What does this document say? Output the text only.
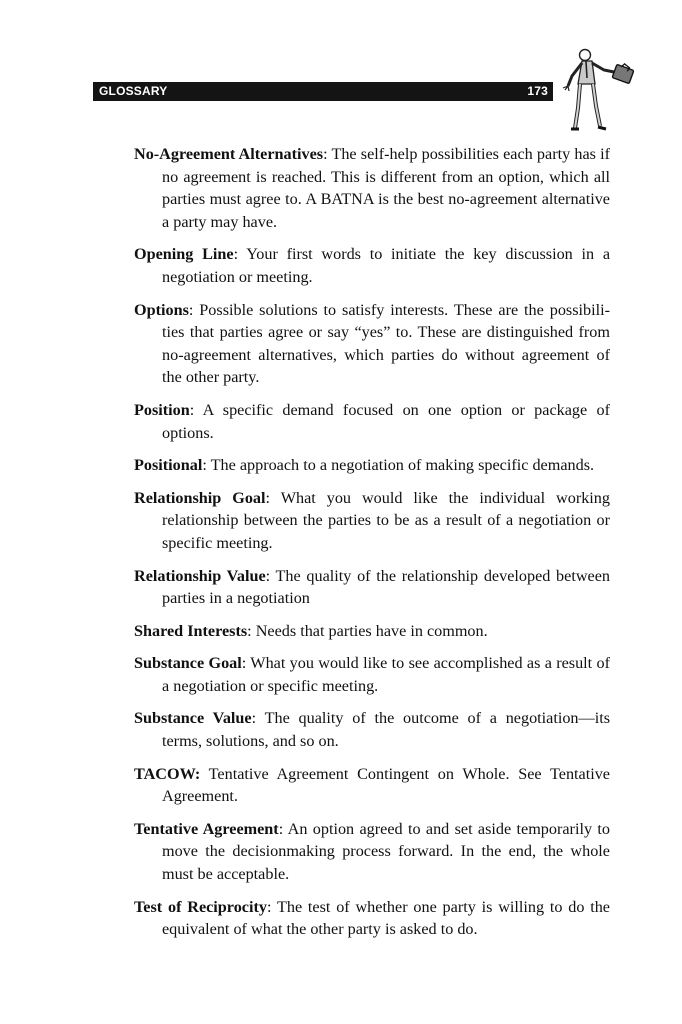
GLOSSARY	173

No-Agreement Alternatives: The self-help possibilities each party has if no agreement is reached. This is different from an option, which all parties must agree to. A BATNA is the best no-agreement alternative a party may have.

Opening Line: Your first words to initiate the key discussion in a negotiation or meeting.

Options: Possible solutions to satisfy interests. These are the possibilities that parties agree or say “yes” to. These are distinguished from no-agreement alternatives, which parties do without agreement of the other party.

Position: A specific demand focused on one option or package of options.

Positional: The approach to a negotiation of making specific demands.

Relationship Goal: What you would like the individual working relationship between the parties to be as a result of a negotiation or specific meeting.

Relationship Value: The quality of the relationship developed between parties in a negotiation

Shared Interests: Needs that parties have in common.

Substance Goal: What you would like to see accomplished as a result of a negotiation or specific meeting.

Substance Value: The quality of the outcome of a negotiation—its terms, solutions, and so on.

TACOW: Tentative Agreement Contingent on Whole. See Tentative Agreement.

Tentative Agreement: An option agreed to and set aside temporarily to move the decisionmaking process forward. In the end, the whole must be acceptable.

Test of Reciprocity: The test of whether one party is willing to do the equivalent of what the other party is asked to do.
